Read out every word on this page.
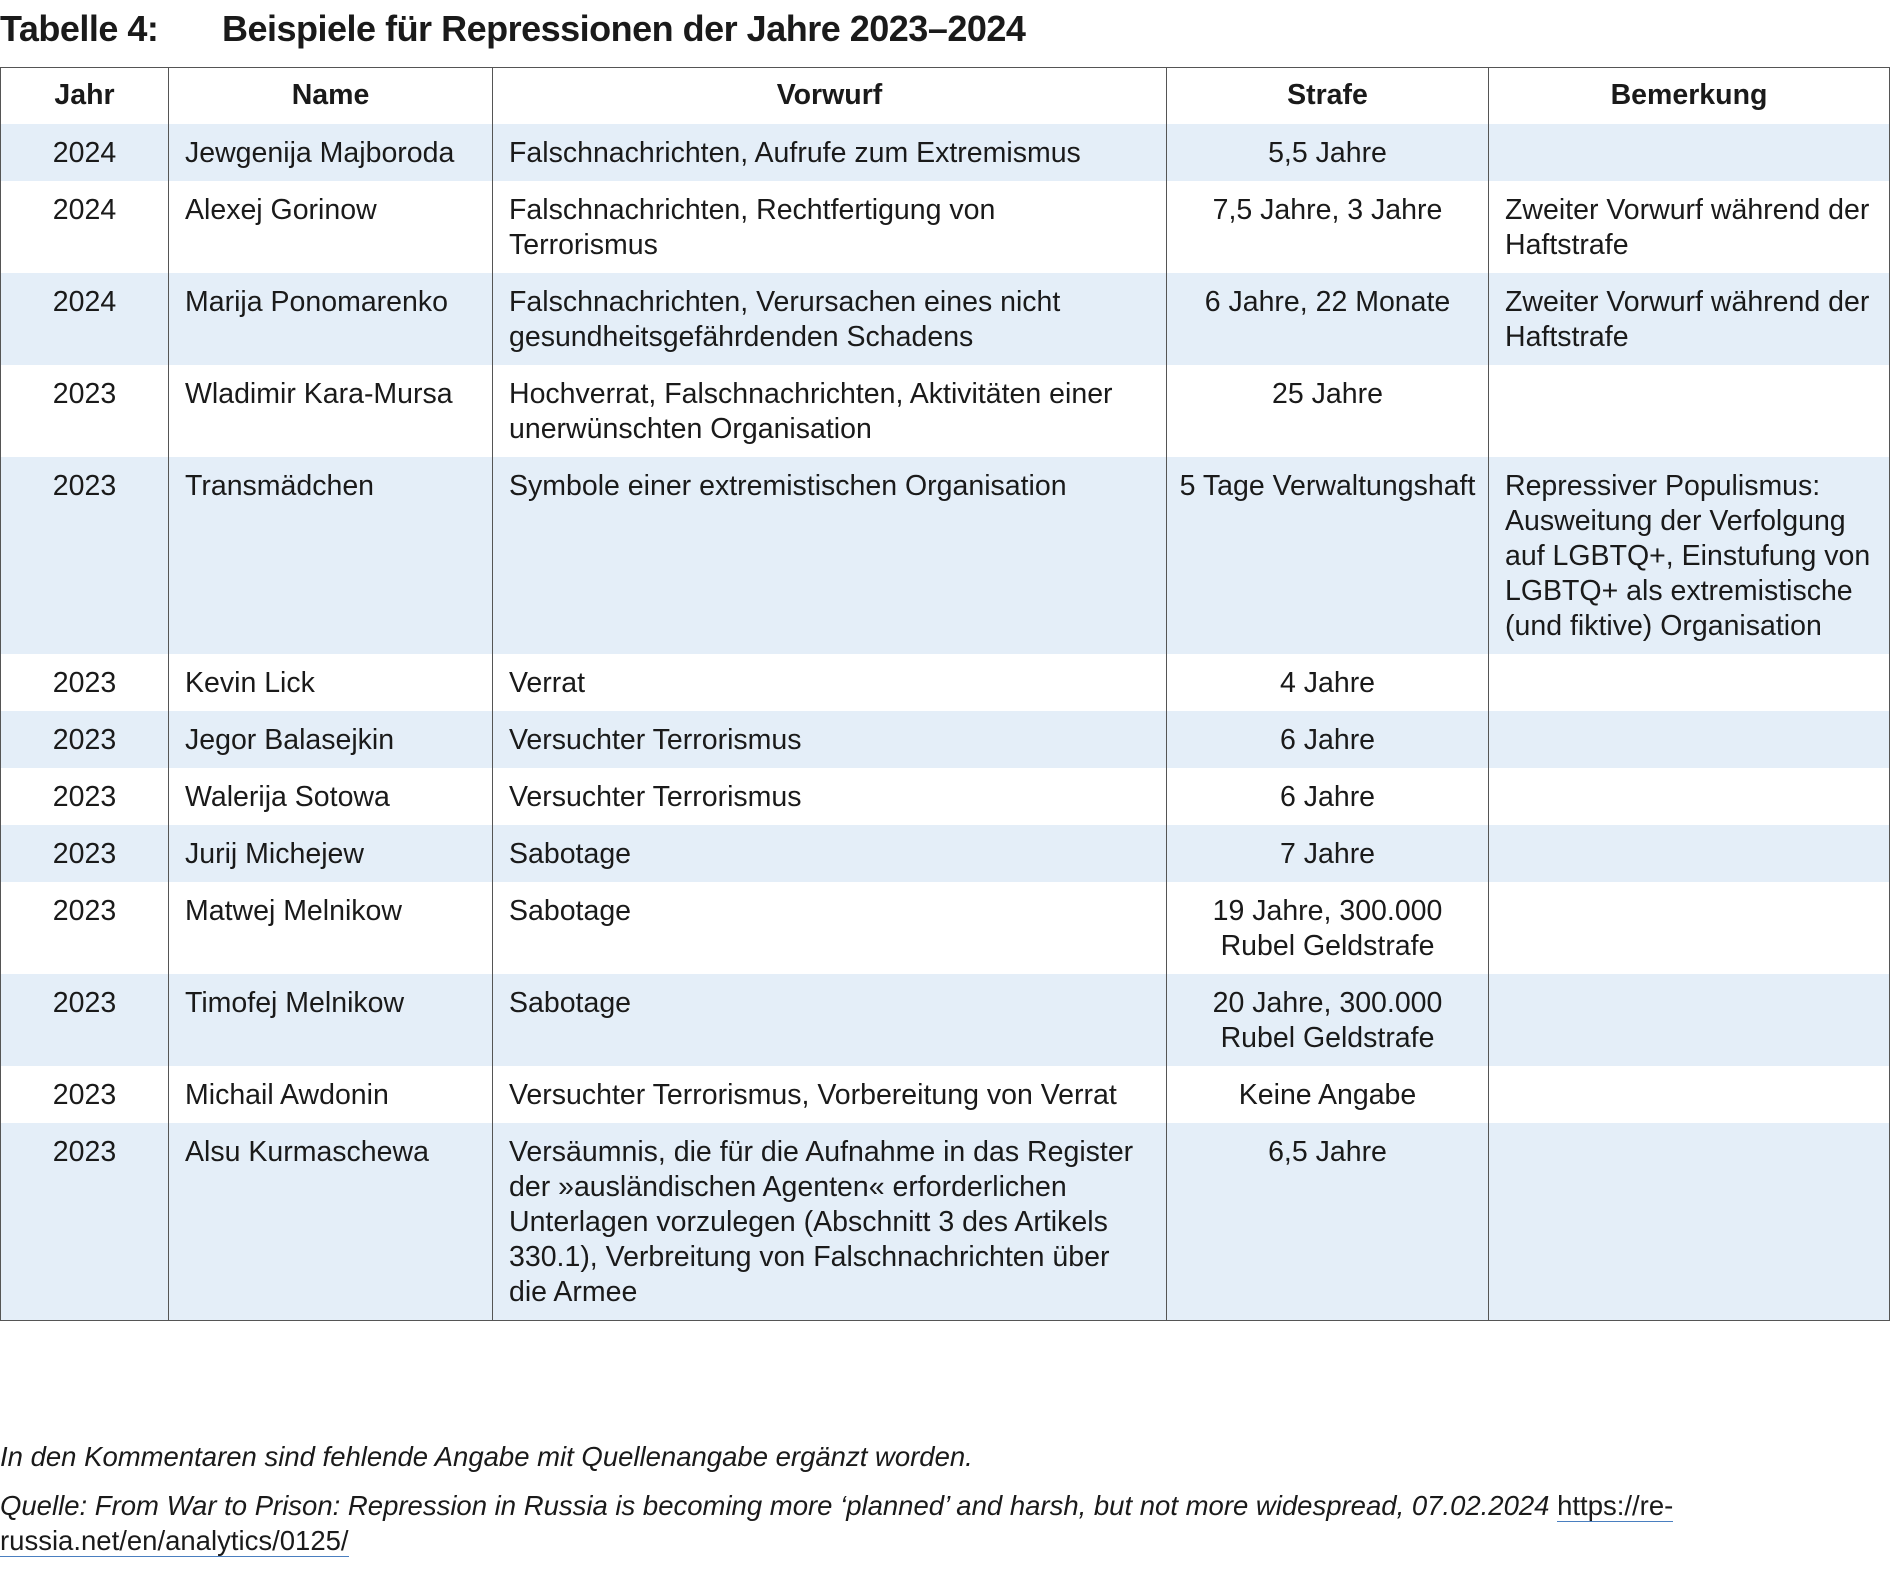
Tabelle 4: Beispiele für Repressionen der Jahre 2023–2024
Jahr	Name	Vorwurf	Strafe	Bemerkung
2024	Jewgenija Majboroda	Falschnachrichten, Aufrufe zum Extremismus	5,5 Jahre	
2024	Alexej Gorinow	Falschnachrichten, Rechtfertigung von Terrorismus	7,5 Jahre, 3 Jahre	Zweiter Vorwurf während der Haftstrafe
2024	Marija Ponomarenko	Falschnachrichten, Verursachen eines nicht gesundheitsgefährdenden Schadens	6 Jahre, 22 Monate	Zweiter Vorwurf während der Haftstrafe
2023	Wladimir Kara-Mursa	Hochverrat, Falschnachrichten, Aktivitäten einer unerwünschten Organisation	25 Jahre	
2023	Transmädchen	Symbole einer extremistischen Organisation	5 Tage Verwaltungshaft	Repressiver Populismus: Ausweitung der Verfolgung auf LGBTQ+, Einstufung von LGBTQ+ als extremistische (und fiktive) Organisation
2023	Kevin Lick	Verrat	4 Jahre	
2023	Jegor Balasejkin	Versuchter Terrorismus	6 Jahre	
2023	Walerija Sotowa	Versuchter Terrorismus	6 Jahre	
2023	Jurij Michejew	Sabotage	7 Jahre	
2023	Matwej Melnikow	Sabotage	19 Jahre, 300.000 Rubel Geldstrafe	
2023	Timofej Melnikow	Sabotage	20 Jahre, 300.000 Rubel Geldstrafe	
2023	Michail Awdonin	Versuchter Terrorismus, Vorbereitung von Verrat	Keine Angabe	
2023	Alsu Kurmaschewa	Versäumnis, die für die Aufnahme in das Register der »ausländischen Agenten« erforderlichen Unterlagen vorzulegen (Abschnitt 3 des Artikels 330.1), Verbreitung von Falschnachrichten über die Armee	6,5 Jahre	
In den Kommentaren sind fehlende Angabe mit Quellenangabe ergänzt worden.
Quelle: From War to Prison: Repression in Russia is becoming more ‘planned’ and harsh, but not more widespread, 07.02.2024 https://re-russia.net/en/analytics/0125/
